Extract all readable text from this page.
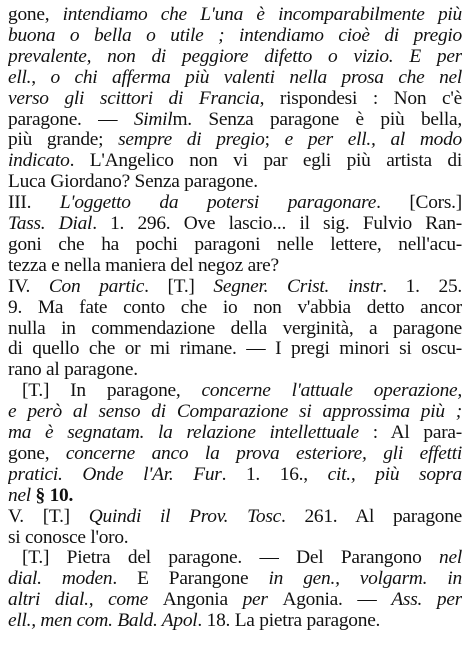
gone, intendiamo che L'una è incomparabilmente più
buona o bella o utile ; intendiamo cioè di pregio
prevalente, non di peggiore difetto o vizio. E per
ell., o chi afferma più valenti nella prosa che nel
verso gli scittori di Francia, rispondesi : Non c'è
paragone. — Similm. Senza paragone è più bella,
più grande; sempre di pregio; e per ell., al modo
indicato. L'Angelico non vi par egli più artista di
Luca Giordano? Senza paragone.
III. L'oggetto da potersi paragonare. [Cors.]
Tass. Dial. 1. 296. Ove lascio... il sig. Fulvio Ran-
goni che ha pochi paragoni nelle lettere, nell'acu-
tezza e nella maniera del negoz are?
IV. Con partic. [T.] Segner. Crist. instr. 1. 25.
9. Ma fate conto che io non v'abbia detto ancor
nulla in commendazione della verginità, a paragone
di quello che or mi rimane. — I pregi minori si oscu-
rano al paragone.
[T.] In paragone, concerne l'attuale operazione,
e però al senso di Comparazione si approssima più ;
ma è segnatam. la relazione intellettuale : Al para-
gone, concerne anco la prova esteriore, gli effetti
pratici. Onde l'Ar. Fur. 1. 16., cit., più sopra
nel § 10.
V. [T.] Quindi il Prov. Tosc. 261. Al paragone
si conosce l'oro.
[T.] Pietra del paragone. — Del Parangono nel
dial. moden. E Parangone in gen., volgarm. in
altri dial., come Angonia per Agonia. — Ass. per
ell., men com. Bald. Apol. 18. La pietra paragone.
